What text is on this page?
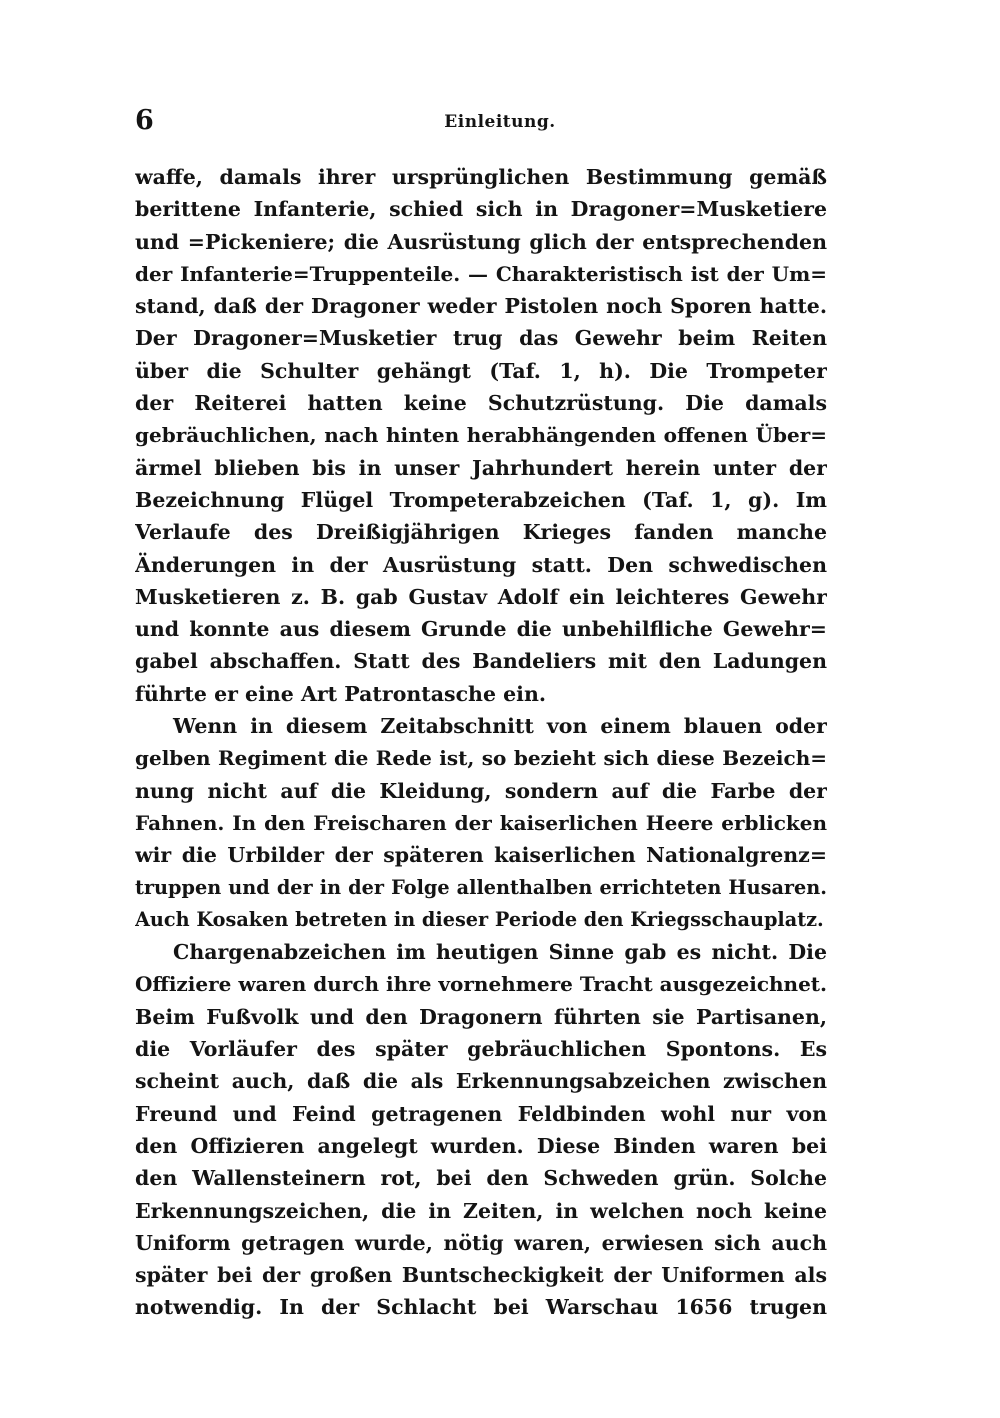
6	Einleitung.
waffe, damals ihrer ursprünglichen Bestimmung gemäß
berittene Infanterie, schied sich in Dragoner=Musketiere
und =Pickeniere; die Ausrüstung glich der entsprechenden
der Infanterie=Truppenteile. — Charakteristisch ist der Um=
stand, daß der Dragoner weder Pistolen noch Sporen hatte.
Der Dragoner=Musketier trug das Gewehr beim Reiten
über die Schulter gehängt (Taf. 1, h). Die Trompeter
der Reiterei hatten keine Schutzrüstung. Die damals
gebräuchlichen, nach hinten herabhängenden offenen Über=
ärmel blieben bis in unser Jahrhundert herein unter der
Bezeichnung Flügel Trompeterabzeichen (Taf. 1, g). Im
Verlaufe des Dreißigjährigen Krieges fanden manche
Änderungen in der Ausrüstung statt. Den schwedischen
Musketieren z. B. gab Gustav Adolf ein leichteres Gewehr
und konnte aus diesem Grunde die unbehilfliche Gewehr=
gabel abschaffen. Statt des Bandeliers mit den Ladungen
führte er eine Art Patrontasche ein.
Wenn in diesem Zeitabschnitt von einem blauen oder
gelben Regiment die Rede ist, so bezieht sich diese Bezeich=
nung nicht auf die Kleidung, sondern auf die Farbe der
Fahnen. In den Freischaren der kaiserlichen Heere erblicken
wir die Urbilder der späteren kaiserlichen Nationalgrenz=
truppen und der in der Folge allenthalben errichteten Husaren.
Auch Kosaken betreten in dieser Periode den Kriegsschauplatz.
Chargenabzeichen im heutigen Sinne gab es nicht. Die
Offiziere waren durch ihre vornehmere Tracht ausgezeichnet.
Beim Fußvolk und den Dragonern führten sie Partisanen,
die Vorläufer des später gebräuchlichen Spontons. Es
scheint auch, daß die als Erkennungsabzeichen zwischen
Freund und Feind getragenen Feldbinden wohl nur von
den Offizieren angelegt wurden. Diese Binden waren bei
den Wallensteinern rot, bei den Schweden grün. Solche
Erkennungszeichen, die in Zeiten, in welchen noch keine
Uniform getragen wurde, nötig waren, erwiesen sich auch
später bei der großen Buntscheckigkeit der Uniformen als
notwendig. In der Schlacht bei Warschau 1656 trugen
